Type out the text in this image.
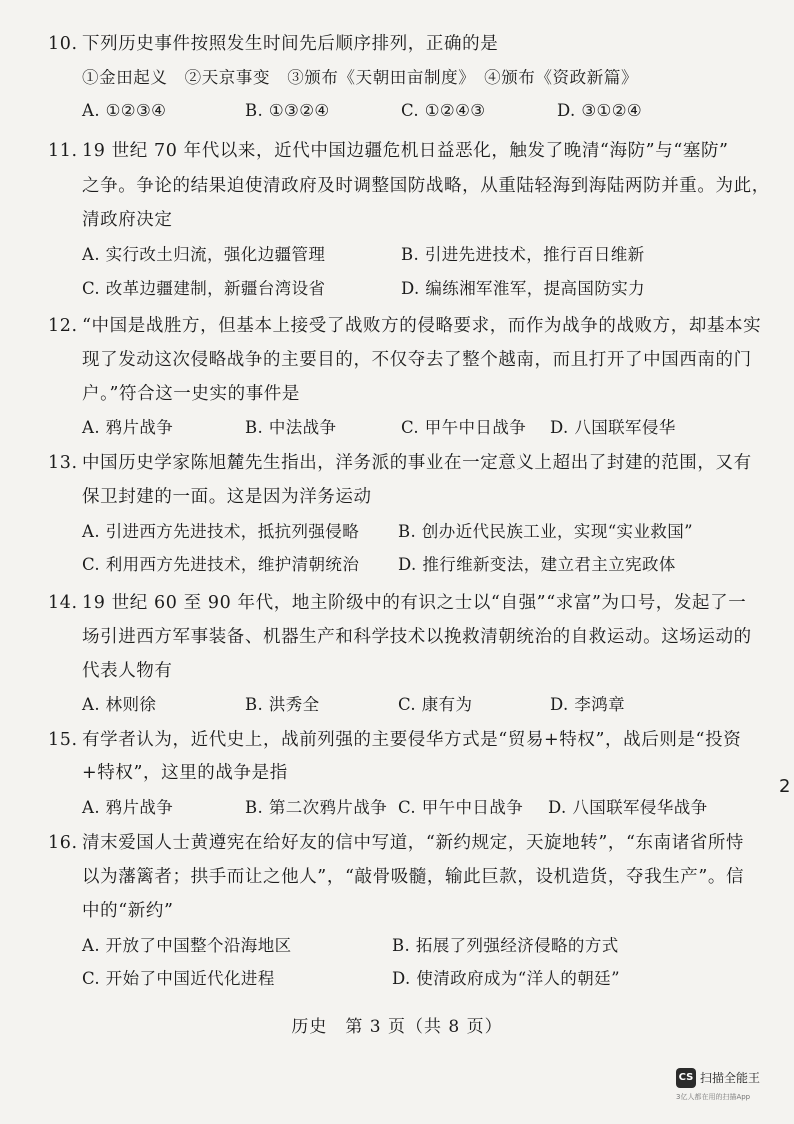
10. 下列历史事件按照发生时间先后顺序排列，正确的是
①金田起义　②天京事变　③颁布《天朝田亩制度》　④颁布《资政新篇》
A. ①②③④	B. ①③②④	C. ①②④③	D. ③①②④
11. 19 世纪 70 年代以来，近代中国边疆危机日益恶化，触发了晚清“海防”与“塞防”
之争。争论的结果迫使清政府及时调整国防战略，从重陆轻海到海陆两防并重。为此，
清政府决定
A. 实行改土归流，强化边疆管理	B. 引进先进技术，推行百日维新
C. 改革边疆建制，新疆台湾设省	D. 编练湘军淮军，提高国防实力
12. “中国是战胜方，但基本上接受了战败方的侵略要求，而作为战争的战败方，却基本实
现了发动这次侵略战争的主要目的，不仅夺去了整个越南，而且打开了中国西南的门
户。”符合这一史实的事件是
A. 鸦片战争	B. 中法战争	C. 甲午中日战争 D. 八国联军侵华
13. 中国历史学家陈旭麓先生指出，洋务派的事业在一定意义上超出了封建的范围，又有
保卫封建的一面。这是因为洋务运动
A. 引进西方先进技术，抵抗列强侵略 B. 创办近代民族工业，实现“实业救国”
C. 利用西方先进技术，维护清朝统治 D. 推行维新变法，建立君主立宪政体
14. 19 世纪 60 至 90 年代，地主阶级中的有识之士以“自强”“求富”为口号，发起了一
场引进西方军事装备、机器生产和科学技术以挽救清朝统治的自救运动。这场运动的
代表人物有
A. 林则徐	B. 洪秀全	C. 康有为	D. 李鸿章
15. 有学者认为，近代史上，战前列强的主要侵华方式是“贸易+特权”，战后则是“投资
+特权”，这里的战争是指
A. 鸦片战争	B. 第二次鸦片战争 C. 甲午中日战争 D. 八国联军侵华战争
16. 清末爱国人士黄遵宪在给好友的信中写道，“新约规定，天旋地转”，“东南诸省所恃
以为藩篱者；拱手而让之他人”，“敲骨吸髓，输此巨款，设机造货，夺我生产”。信
中的“新约”
A. 开放了中国整个沿海地区	B. 拓展了列强经济侵略的方式
C. 开始了中国近代化进程	D. 使清政府成为“洋人的朝廷”
历史　第 3 页（共 8 页）
2
CS 扫描全能王
3亿人都在用的扫描App
